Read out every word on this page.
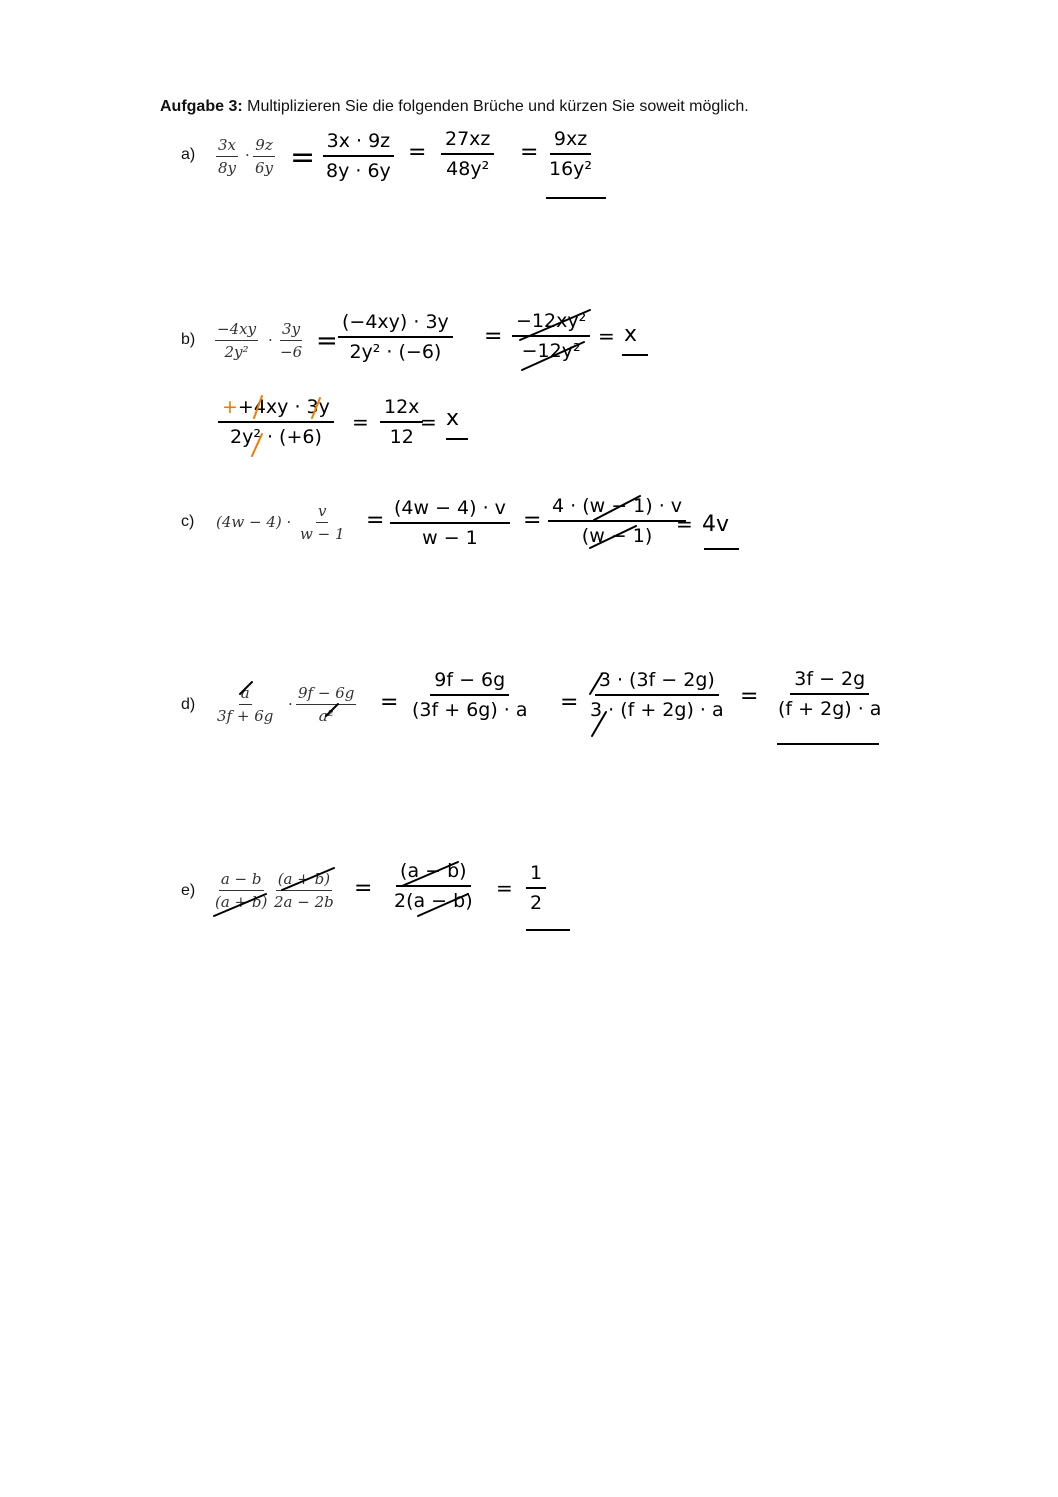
Aufgabe 3: Multiplizieren Sie die folgenden Brüche und kürzen Sie soweit möglich.
$a) \frac{3x}{8y} \cdot \frac{9z}{6y} = \frac{3x \cdot 9z}{8y \cdot 6y} = \frac{27xz}{\text{48y²}} = \frac{9xz}{\text{16y²}}$
$b) \frac{-4xy}{\text{2y²}} \cdot \frac{3y}{-6} = \frac{(-4xy) \cdot 3y}{\text{2y² · (−6)}} = \frac{\text{−12xy²}}{\text{−12y²}} = x$
$\frac{++4xy \cdot 3y}{\text{2y² · (+6)}} = \frac{12x}{12}$
= x
c) $(4w - 4) \cdot \frac{v}{w - 1} = \frac{(4w - 4) \cdot v}{w - 1} = \frac{4 \cdot (w - 1) \cdot v}{(w - 1)}$
= 4v
$d) \frac{a}{3f + 6g} \cdot \frac{9f - 6g}{\text{a²}} = \frac{9f - 6g}{(3f + 6g) \cdot a} = \frac{3 \cdot (3f - 2g)}{3 \cdot (f + 2g) \cdot a} = \frac{3f - 2g}{(f + 2g) \cdot a}$
$e) \frac{a - b}{(a + b)} \frac{(a + b)}{2a - 2b} = \frac{(a - b)}{2(a - b)} = \frac{1}{2}$
